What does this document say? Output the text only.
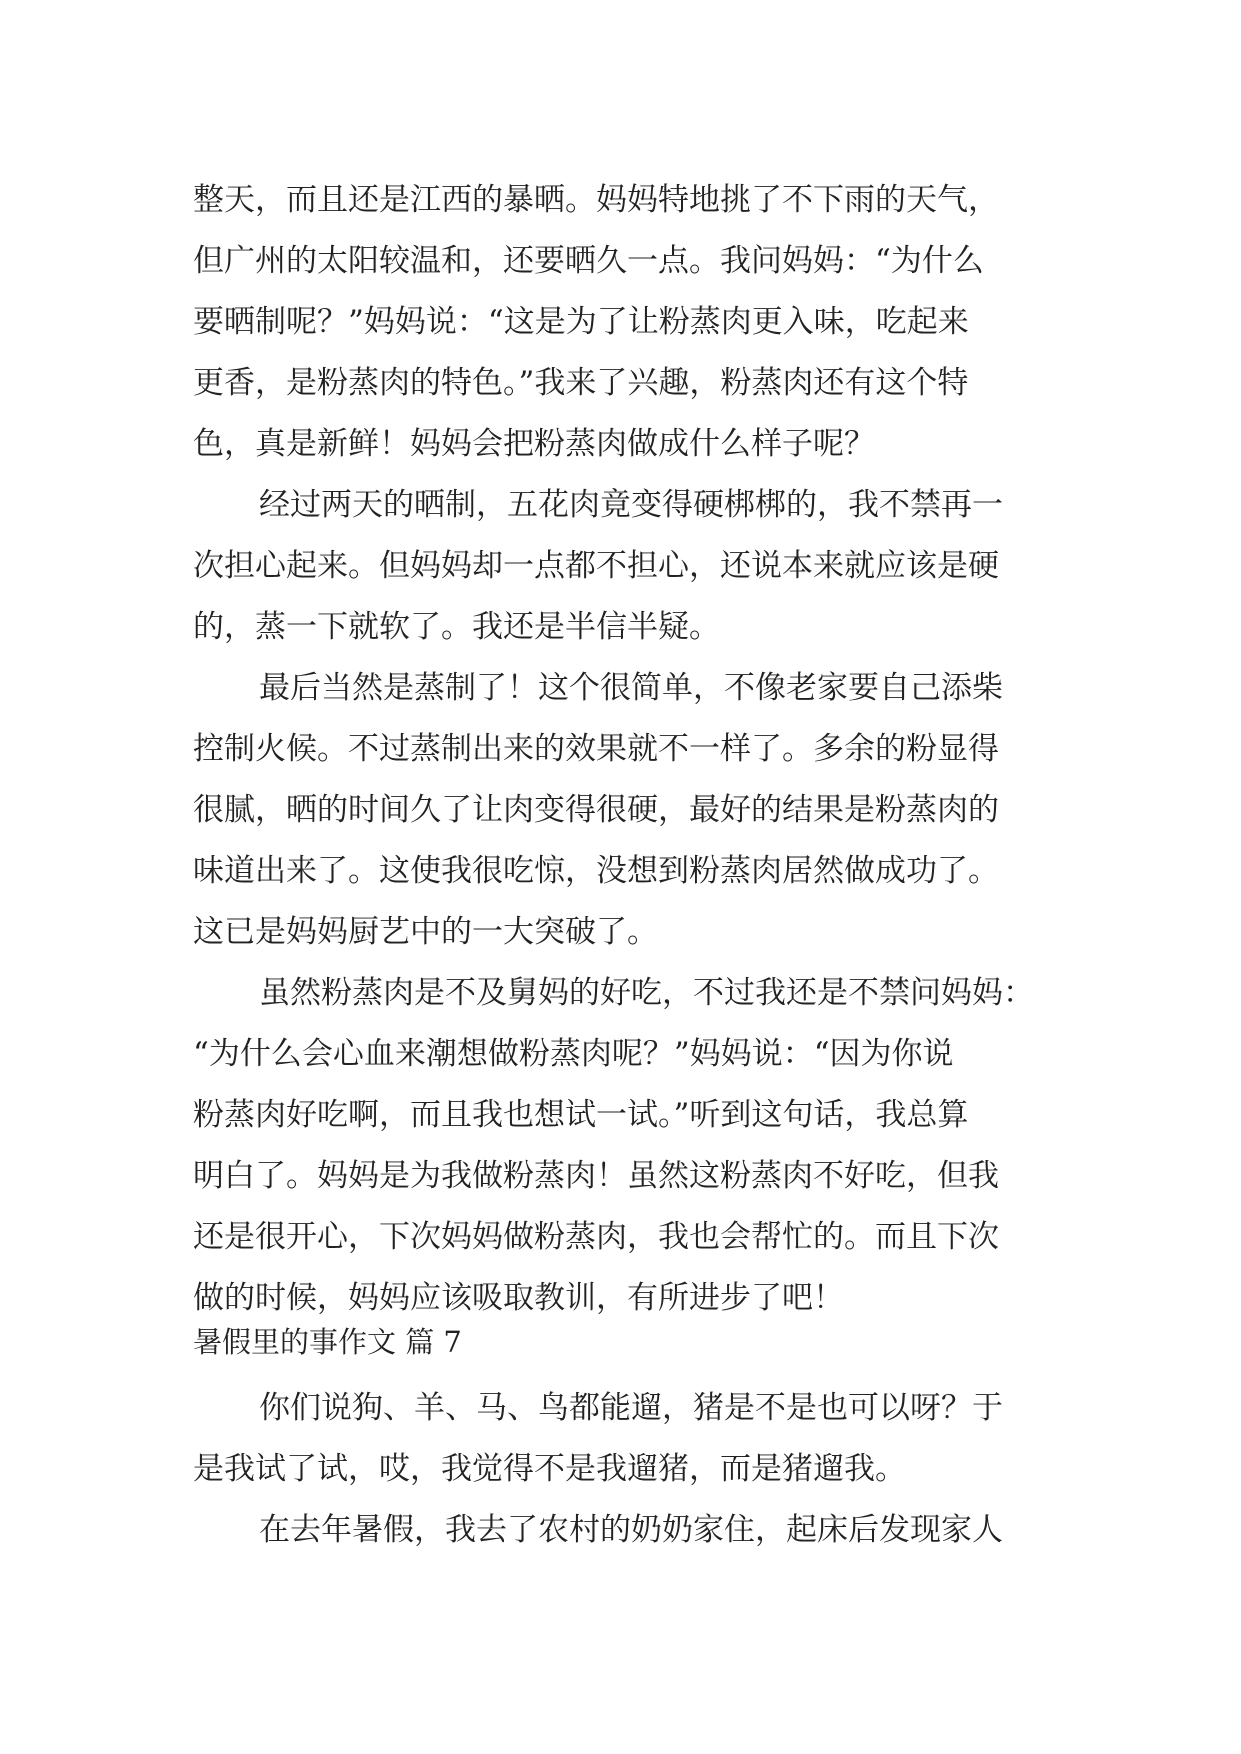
整天，而且还是江西的暴晒。妈妈特地挑了不下雨的天气，
但广州的太阳较温和，还要晒久一点。我问妈妈：“为什么
要晒制呢？”妈妈说：“这是为了让粉蒸肉更入味，吃起来
更香，是粉蒸肉的特色。”我来了兴趣，粉蒸肉还有这个特
色，真是新鲜！妈妈会把粉蒸肉做成什么样子呢？
经过两天的晒制，五花肉竟变得硬梆梆的，我不禁再一
次担心起来。但妈妈却一点都不担心，还说本来就应该是硬
的，蒸一下就软了。我还是半信半疑。
最后当然是蒸制了！这个很简单，不像老家要自己添柴
控制火候。不过蒸制出来的效果就不一样了。多余的粉显得
很腻，晒的时间久了让肉变得很硬，最好的结果是粉蒸肉的
味道出来了。这使我很吃惊，没想到粉蒸肉居然做成功了。
这已是妈妈厨艺中的一大突破了。
虽然粉蒸肉是不及舅妈的好吃，不过我还是不禁问妈妈：
“为什么会心血来潮想做粉蒸肉呢？”妈妈说：“因为你说
粉蒸肉好吃啊，而且我也想试一试。”听到这句话，我总算
明白了。妈妈是为我做粉蒸肉！虽然这粉蒸肉不好吃，但我
还是很开心，下次妈妈做粉蒸肉，我也会帮忙的。而且下次
做的时候，妈妈应该吸取教训，有所进步了吧！
暑假里的事作文 篇 7
你们说狗、羊、马、鸟都能遛，猪是不是也可以呀？于
是我试了试，哎，我觉得不是我遛猪，而是猪遛我。
在去年暑假，我去了农村的奶奶家住，起床后发现家人
